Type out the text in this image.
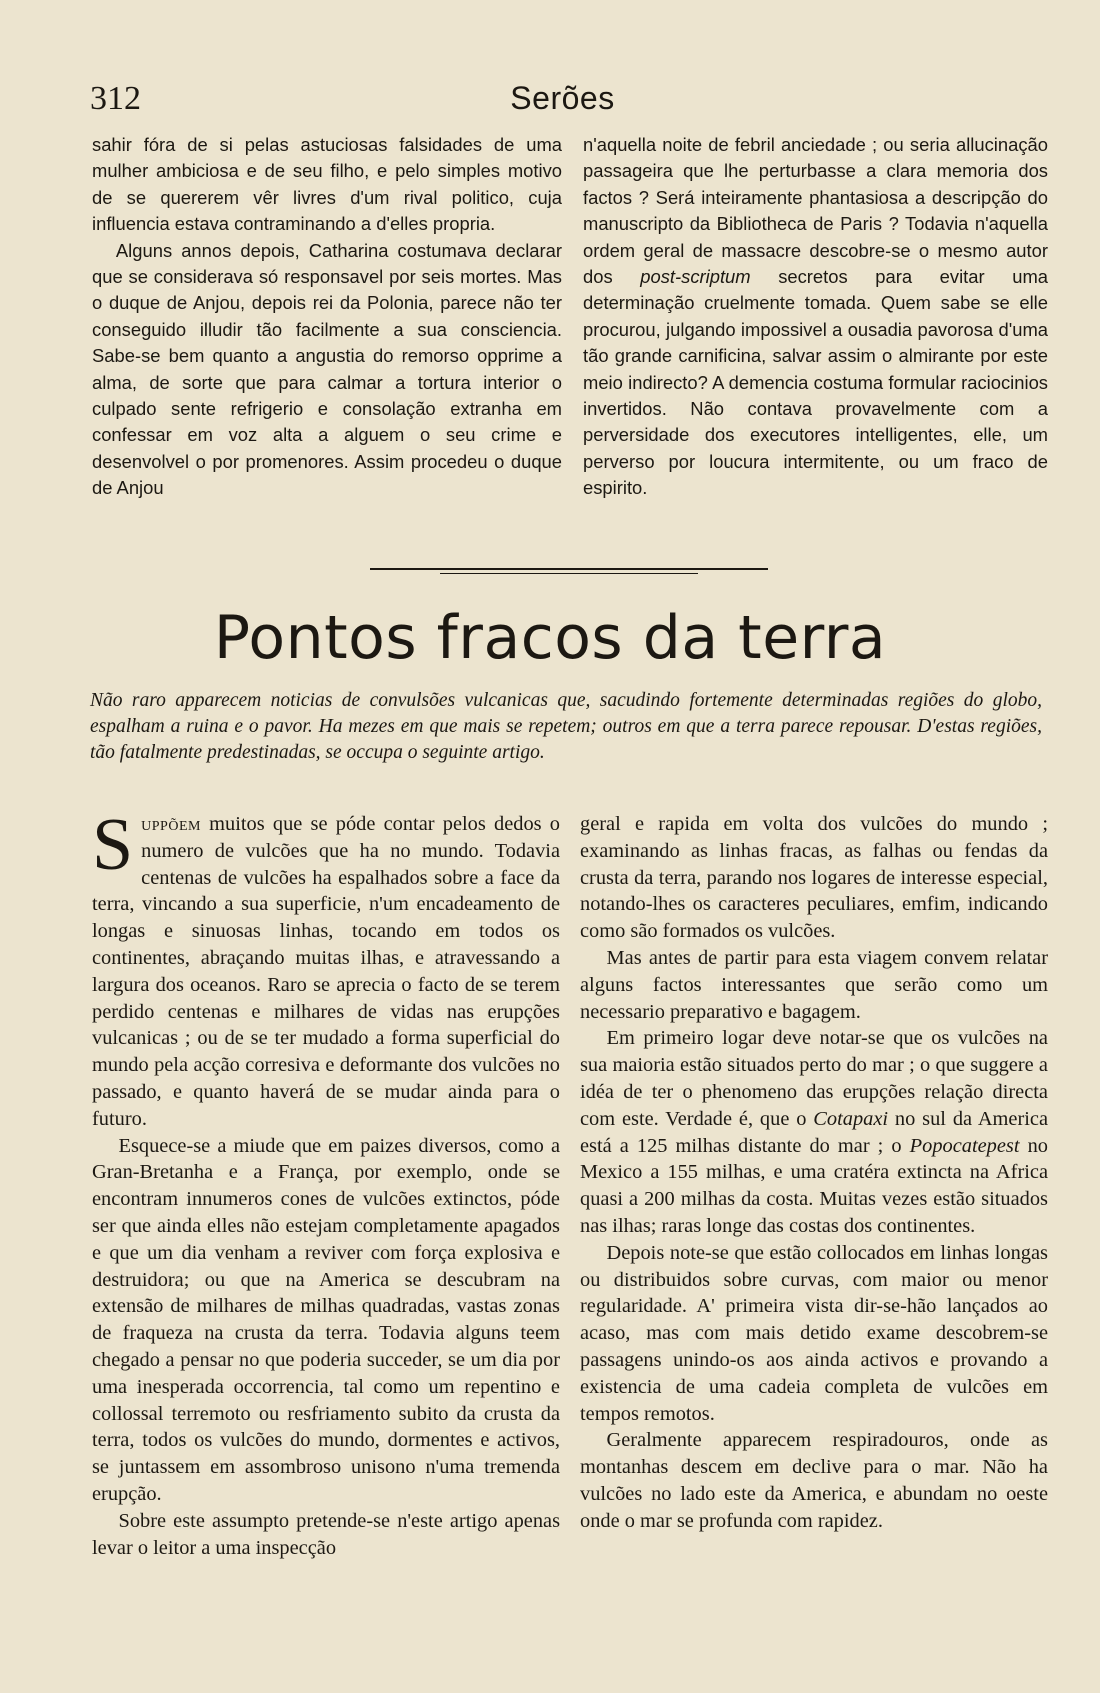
312	Serões

sahir fóra de si pelas astuciosas falsidades de uma mulher ambiciosa e de seu filho, e pelo simples motivo de se quererem vêr livres d'um rival politico, cuja influencia estava contraminando a d'elles propria.

Alguns annos depois, Catharina costumava declarar que se considerava só responsavel por seis mortes. Mas o duque de Anjou, depois rei da Polonia, parece não ter conseguido illudir tão facilmente a sua consciencia. Sabe-se bem quanto a angustia do remorso opprime a alma, de sorte que para calmar a tortura interior o culpado sente refrigerio e consolação extranha em confessar em voz alta a alguem o seu crime e desenvolvel o por promenores. Assim procedeu o duque de Anjou

n'aquella noite de febril anciedade ; ou seria allucinação passageira que lhe perturbasse a clara memoria dos factos ? Será inteiramente phantasiosa a descripção do manuscripto da Bibliotheca de Paris ? Todavia n'aquella ordem geral de massacre descobre-se o mesmo autor dos post-scriptum secretos para evitar uma determinação cruelmente tomada. Quem sabe se elle procurou, julgando impossivel a ousadia pavorosa d'uma tão grande carnificina, salvar assim o almirante por este meio indirecto? A demencia costuma formular raciocinios invertidos. Não contava provavelmente com a perversidade dos executores intelligentes, elle, um perverso por loucura intermitente, ou um fraco de espirito.

Pontos fracos da terra
Não raro apparecem noticias de convulsões vulcanicas que, sacudindo fortemente determinadas regiões do globo, espalham a ruina e o pavor. Ha mezes em que mais se repetem; outros em que a terra parece repousar. D'estas regiões, tão fatalmente predestinadas, se occupa o seguinte artigo.

Suppõem muitos que se póde contar pelos dedos o numero de vulcões que ha no mundo. Todavia centenas de vulcões ha espalhados sobre a face da terra, vincando a sua superficie, n'um encadeamento de longas e sinuosas linhas, tocando em todos os continentes, abraçando muitas ilhas, e atravessando a largura dos oceanos. Raro se aprecia o facto de se terem perdido centenas e milhares de vidas nas erupções vulcanicas ; ou de se ter mudado a forma superficial do mundo pela acção corresiva e deformante dos vulcões no passado, e quanto haverá de se mudar ainda para o futuro.

Esquece-se a miude que em paizes diversos, como a Gran-Bretanha e a França, por exemplo, onde se encontram innumeros cones de vulcões extinctos, póde ser que ainda elles não estejam completamente apagados e que um dia venham a reviver com força explosiva e destruidora; ou que na America se descubram na extensão de milhares de milhas quadradas, vastas zonas de fraqueza na crusta da terra. Todavia alguns teem chegado a pensar no que poderia succeder, se um dia por uma inesperada occorrencia, tal como um repentino e collossal terremoto ou resfriamento subito da crusta da terra, todos os vulcões do mundo, dormentes e activos, se juntassem em assombroso unisono n'uma tremenda erupção.

Sobre este assumpto pretende-se n'este artigo apenas levar o leitor a uma inspecção

geral e rapida em volta dos vulcões do mundo ; examinando as linhas fracas, as falhas ou fendas da crusta da terra, parando nos logares de interesse especial, notando-lhes os caracteres peculiares, emfim, indicando como são formados os vulcões.

Mas antes de partir para esta viagem convem relatar alguns factos interessantes que serão como um necessario preparativo e bagagem.

Em primeiro logar deve notar-se que os vulcões na sua maioria estão situados perto do mar ; o que suggere a idéa de ter o phenomeno das erupções relação directa com este. Verdade é, que o Cotapaxi no sul da America está a 125 milhas distante do mar ; o Popocatepest no Mexico a 155 milhas, e uma cratéra extincta na Africa quasi a 200 milhas da costa. Muitas vezes estão situados nas ilhas; raras longe das costas dos continentes.

Depois note-se que estão collocados em linhas longas ou distribuidos sobre curvas, com maior ou menor regularidade. A' primeira vista dir-se-hão lançados ao acaso, mas com mais detido exame descobrem-se passagens unindo-os aos ainda activos e provando a existencia de uma cadeia completa de vulcões em tempos remotos.

Geralmente apparecem respiradouros, onde as montanhas descem em declive para o mar. Não ha vulcões no lado este da America, e abundam no oeste onde o mar se profunda com rapidez.
